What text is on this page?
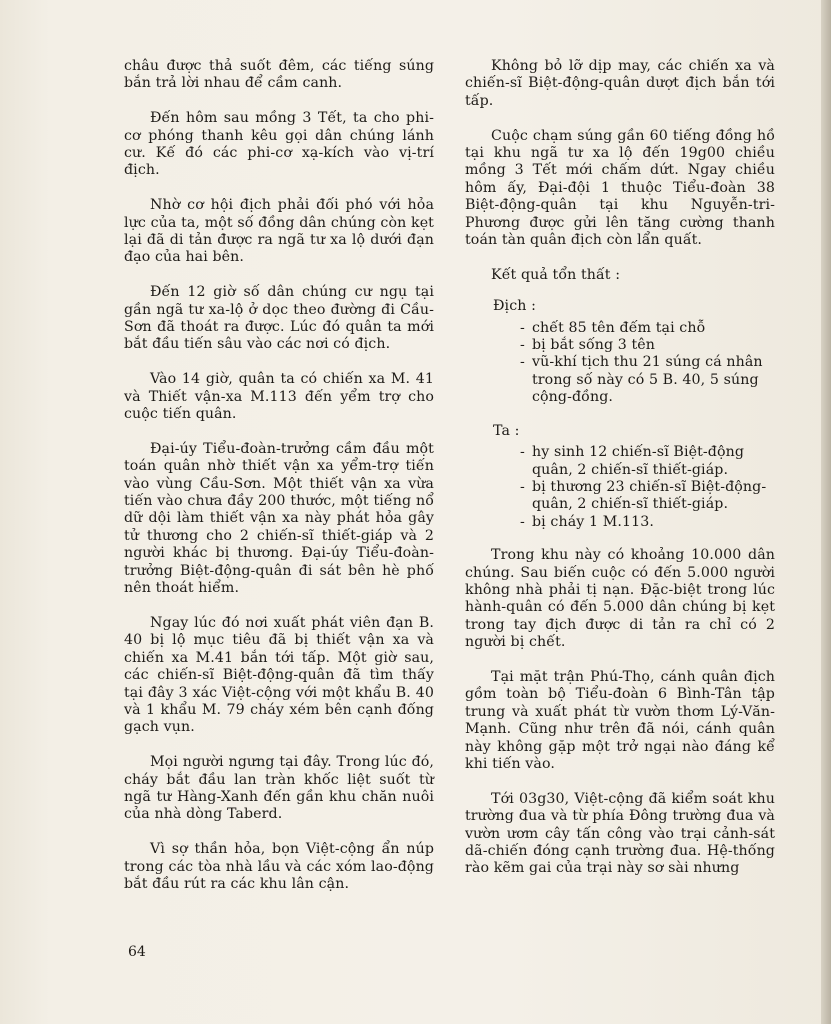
châu được thả suốt đêm, các tiếng súng bắn trả lời nhau để cầm canh.

Đến hôm sau mồng 3 Tết, ta cho phi-cơ phóng thanh kêu gọi dân chúng lánh cư. Kế đó các phi-cơ xạ-kích vào vị-trí địch.

Nhờ cơ hội địch phải đối phó với hỏa lực của ta, một số đồng dân chúng còn kẹt lại đã di tản được ra ngã tư xa lộ dưới đạn đạo của hai bên.

Đến 12 giờ số dân chúng cư ngụ tại gần ngã tư xa-lộ ở dọc theo đường đi Cầu-Sơn đã thoát ra được. Lúc đó quân ta mới bắt đầu tiến sâu vào các nơi có địch.

Vào 14 giờ, quân ta có chiến xa M. 41 và Thiết vận-xa M.113 đến yểm trợ cho cuộc tiến quân.

Đại-úy Tiểu-đoàn-trưởng cầm đầu một toán quân nhờ thiết vận xa yểm-trợ tiến vào vùng Cầu-Sơn. Một thiết vận xa vừa tiến vào chưa đầy 200 thước, một tiếng nổ dữ dội làm thiết vận xa này phát hỏa gây tử thương cho 2 chiến-sĩ thiết-giáp và 2 người khác bị thương. Đại-úy Tiểu-đoàn-trưởng Biệt-động-quân đi sát bên hè phố nên thoát hiểm.

Ngay lúc đó nơi xuất phát viên đạn B. 40 bị lộ mục tiêu đã bị thiết vận xa và chiến xa M.41 bắn tới tấp. Một giờ sau, các chiến-sĩ Biệt-động-quân đã tìm thấy tại đây 3 xác Việt-cộng với một khẩu B. 40 và 1 khẩu M. 79 cháy xém bên cạnh đống gạch vụn.

Mọi người ngưng tại đây. Trong lúc đó, cháy bắt đầu lan tràn khốc liệt suốt từ ngã tư Hàng-Xanh đến gần khu chăn nuôi của nhà dòng Taberd.

Vì sợ thần hỏa, bọn Việt-cộng ẩn núp trong các tòa nhà lầu và các xóm lao-động bắt đầu rút ra các khu lân cận.

Không bỏ lỡ dịp may, các chiến xa và chiến-sĩ Biệt-động-quân dượt địch bắn tới tấp.

Cuộc chạm súng gần 60 tiếng đồng hồ tại khu ngã tư xa lộ đến 19g00 chiều mồng 3 Tết mới chấm dứt. Ngay chiều hôm ấy, Đại-đội 1 thuộc Tiểu-đoàn 38 Biệt-động-quân tại khu Nguyễn-tri-Phương được gửi lên tăng cường thanh toán tàn quân địch còn lẩn quất.

Kết quả tổn thất :

Địch :

- chết 85 tên đếm tại chỗ
- bị bắt sống 3 tên
- vũ-khí tịch thu 21 súng cá nhân trong số này có 5 B. 40, 5 súng cộng-đồng.

Ta :

- hy sinh 12 chiến-sĩ Biệt-động quân, 2 chiến-sĩ thiết-giáp.
- bị thương 23 chiến-sĩ Biệt-động-quân, 2 chiến-sĩ thiết-giáp.
- bị cháy 1 M.113.

Trong khu này có khoảng 10.000 dân chúng. Sau biến cuộc có đến 5.000 người không nhà phải tị nạn. Đặc-biệt trong lúc hành-quân có đến 5.000 dân chúng bị kẹt trong tay địch được di tản ra chỉ có 2 người bị chết.

Tại mặt trận Phú-Thọ, cánh quân địch gồm toàn bộ Tiểu-đoàn 6 Bình-Tân tập trung và xuất phát từ vườn thơm Lý-Văn-Mạnh. Cũng như trên đã nói, cánh quân này không gặp một trở ngại nào đáng kể khi tiến vào.

Tới 03g30, Việt-cộng đã kiểm soát khu trường đua và từ phía Đông trường đua và vườn ươm cây tấn công vào trại cảnh-sát dã-chiến đóng cạnh trường đua. Hệ-thống rào kẽm gai của trại này sơ sài nhưng

64
